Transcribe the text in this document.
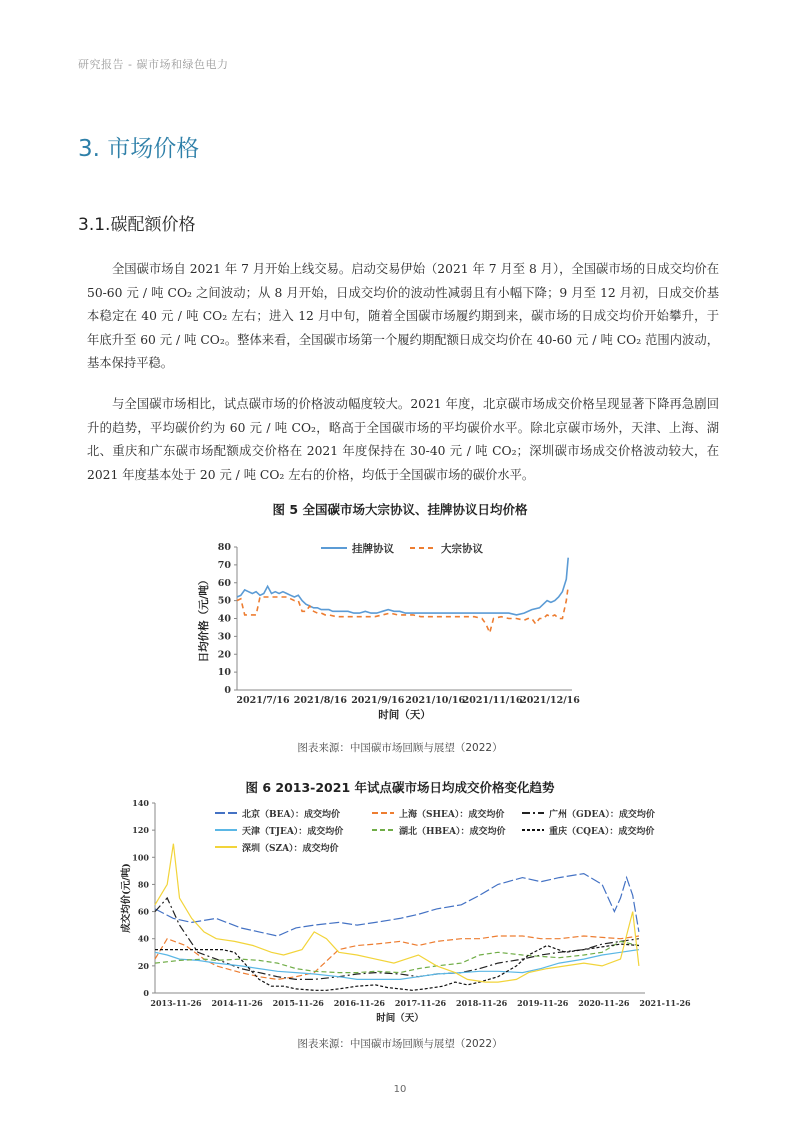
研究报告 - 碳市场和绿色电力
3. 市场价格
3.1.碳配额价格

全国碳市场自 2021 年 7 月开始上线交易。启动交易伊始（2021 年 7 月至 8 月），全国碳市场的日成交均价在 50-60 元 / 吨 CO₂ 之间波动；从 8 月开始，日成交均价的波动性减弱且有小幅下降；9 月至 12 月初，日成交价基本稳定在 40 元 / 吨 CO₂ 左右；进入 12 月中旬，随着全国碳市场履约期到来，碳市场的日成交均价开始攀升，于年底升至 60 元 / 吨 CO₂。整体来看，全国碳市场第一个履约期配额日成交均价在 40-60 元 / 吨 CO₂ 范围内波动，基本保持平稳。

与全国碳市场相比，试点碳市场的价格波动幅度较大。2021 年度，北京碳市场成交价格呈现显著下降再急剧回升的趋势，平均碳价约为 60 元 / 吨 CO₂，略高于全国碳市场的平均碳价水平。除北京碳市场外，天津、上海、湖北、重庆和广东碳市场配额成交价格在 2021 年度保持在 30-40 元 / 吨 CO₂；深圳碳市场成交价格波动较大，在 2021 年度基本处于 20 元 / 吨 CO₂ 左右的价格，均低于全国碳市场的碳价水平。

图 5 全国碳市场大宗协议、挂牌协议日均价格
0
10
20
30
40
50
60
70
80
2021/7/16 2021/8/16 2021/9/16 2021/10/16
2021/11/16
2021/12/16
时间（天）
日均价格（元/吨）
挂牌协议	大宗协议
图表来源：中国碳市场回顾与展望（2022）
图 6 2013-2021 年试点碳市场日均成交价格变化趋势
0
20
40
60
80
100
120
140
2013-11-26 2014-11-26 2015-11-26 2016-11-26 2017-11-26 2018-11-26 2019-11-26 2020-11-26 2021-11-26
时间（天）
成交均价(元/吨)
北京（BEA）：成交均价	上海（SHEA）：成交均价	广州（GDEA）：成交均价
天津（TJEA）：成交均价	湖北（HBEA）：成交均价	重庆（CQEA）：成交均价
深圳（SZA）：成交均价
图表来源：中国碳市场回顾与展望（2022）
10
